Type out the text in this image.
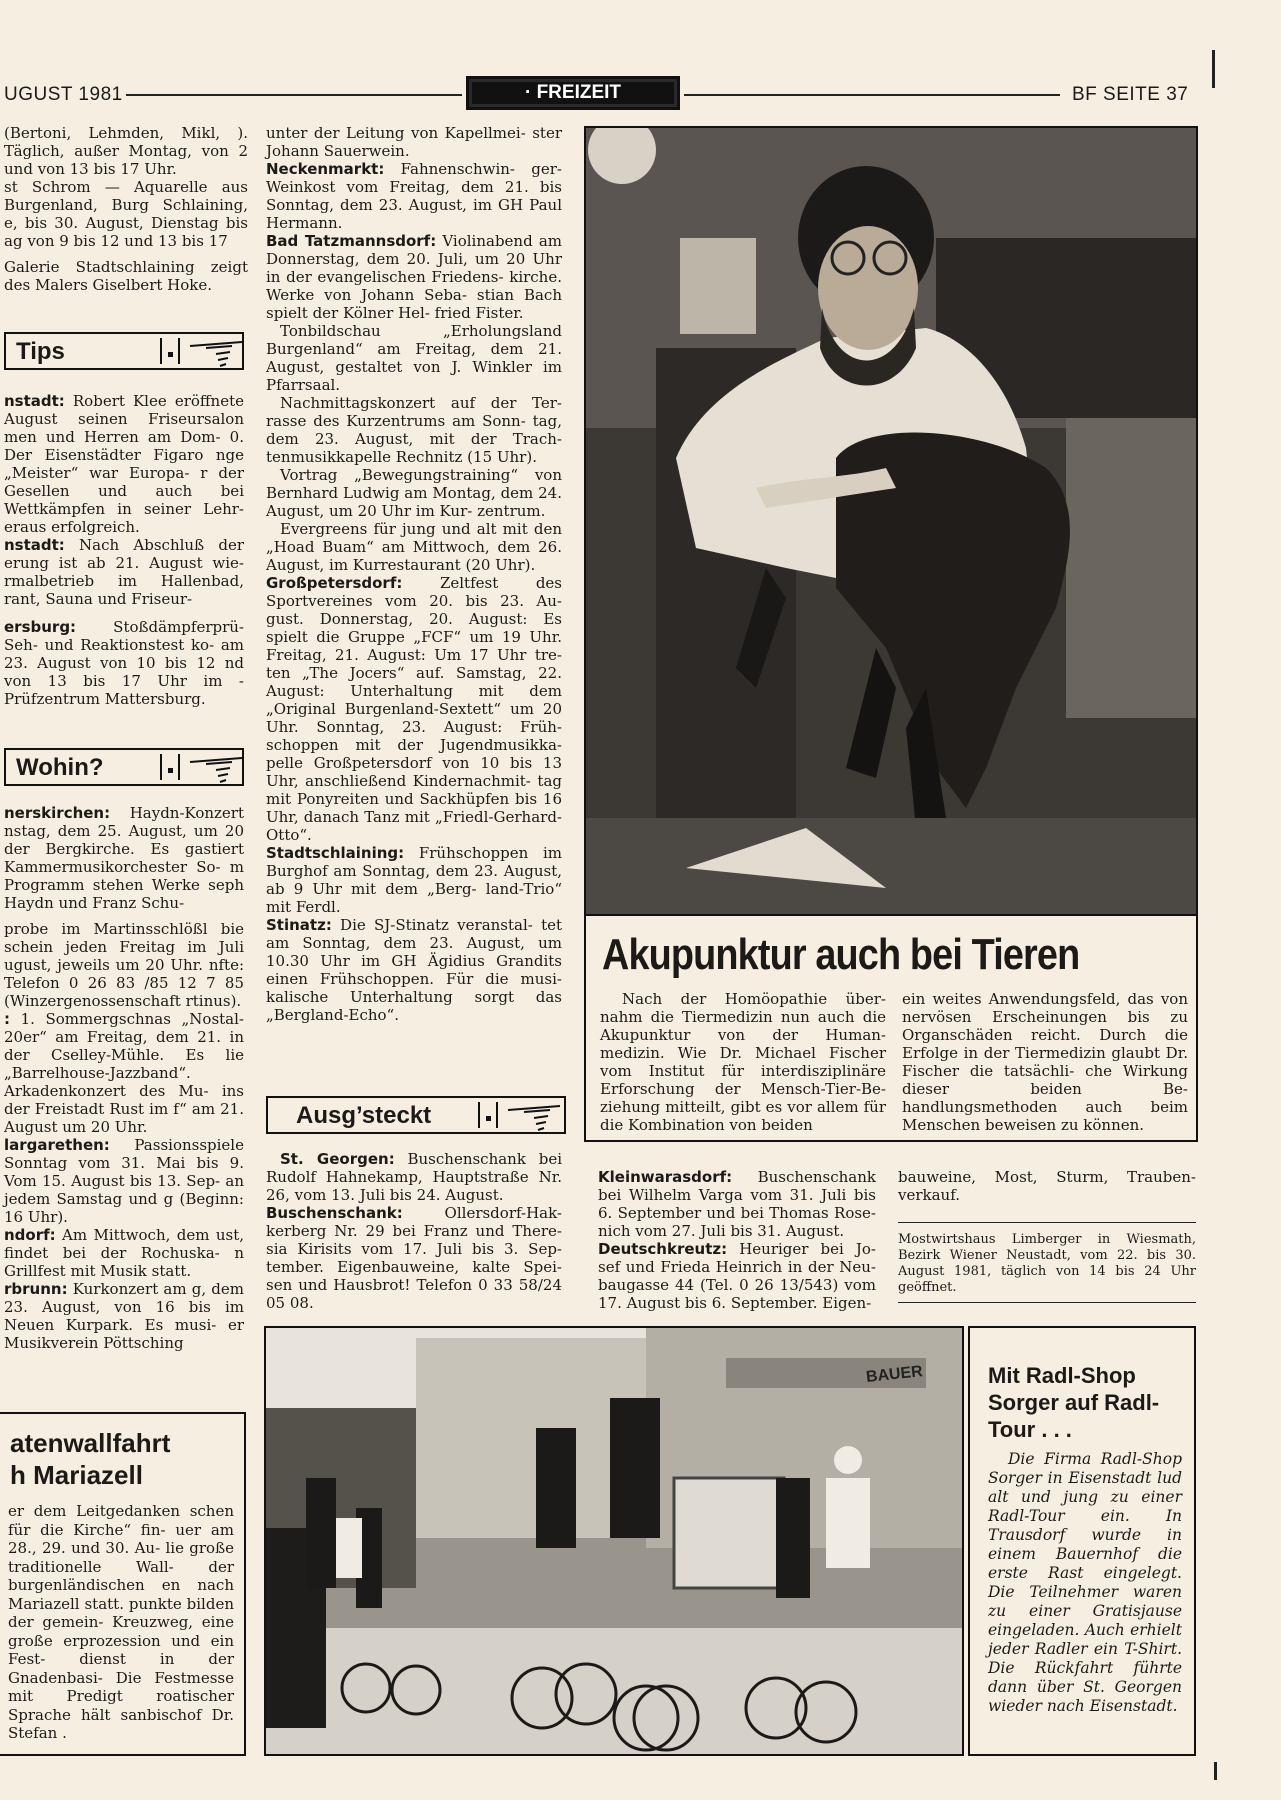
UGUST 1981	· FREIZEIT	BF SEITE 37

(Bertoni, Lehmden, Mikl, ). Täglich, außer Montag, von 2 und von 13 bis 17 Uhr.

st Schrom — Aquarelle aus Burgenland, Burg Schlaining, e, bis 30. August, Dienstag bis ag von 9 bis 12 und 13 bis 17

Galerie Stadtschlaining zeigt des Malers Giselbert Hoke.

Tips

nstadt: Robert Klee eröffnete August seinen Friseursalon men und Herren am Dom- 0. Der Eisenstädter Figaro nge „Meister“ war Europa- r der Gesellen und auch bei Wettkämpfen in seiner Lehr- eraus erfolgreich.

nstadt: Nach Abschluß der erung ist ab 21. August wie- rmalbetrieb im Hallenbad, rant, Sauna und Friseur-

ersburg: Stoßdämpferprü- Seh- und Reaktionstest ko- am 23. August von 10 bis 12 nd von 13 bis 17 Uhr im -Prüfzentrum Mattersburg.

Wohin?

nerskirchen: Haydn-Konzert nstag, dem 25. August, um 20 der Bergkirche. Es gastiert Kammermusikorchester So- m Programm stehen Werke seph Haydn und Franz Schu-

probe im Martinsschlößl bie schein jeden Freitag im Juli ugust, jeweils um 20 Uhr. nfte: Telefon 0 26 83 /85 12 7 85 (Winzergenossenschaft rtinus).

: 1. Sommergschnas „Nostal- 20er“ am Freitag, dem 21. in der Cselley-Mühle. Es lie „Barrelhouse-Jazzband“. Arkadenkonzert des Mu- ins der Freistadt Rust im f“ am 21. August um 20 Uhr.

largarethen: Passionsspiele Sonntag vom 31. Mai bis 9. Vom 15. August bis 13. Sep- an jedem Samstag und g (Beginn: 16 Uhr).

ndorf: Am Mittwoch, dem ust, findet bei der Rochuska- n Grillfest mit Musik statt.

rbrunn: Kurkonzert am g, dem 23. August, von 16 bis im Neuen Kurpark. Es musi- er Musikverein Pöttsching

atenwallfahrt
h Mariazell
er dem Leitgedanken schen für die Kirche“ fin- uer am 28., 29. und 30. Au- lie große traditionelle Wall- der burgenländischen en nach Mariazell statt. punkte bilden der gemein- Kreuzweg, eine große erprozession und ein Fest- dienst in der Gnadenbasi- Die Festmesse mit Predigt roatischer Sprache hält sanbischof Dr. Stefan .

unter der Leitung von Kapellmei- ster Johann Sauerwein.

Neckenmarkt: Fahnenschwin- ger-Weinkost vom Freitag, dem 21. bis Sonntag, dem 23. August, im GH Paul Hermann.

Bad Tatzmannsdorf: Violinabend am Donnerstag, dem 20. Juli, um 20 Uhr in der evangelischen Friedens- kirche. Werke von Johann Seba- stian Bach spielt der Kölner Hel- fried Fister.

Tonbildschau „Erholungsland Burgenland“ am Freitag, dem 21. August, gestaltet von J. Winkler im Pfarrsaal.

Nachmittagskonzert auf der Ter- rasse des Kurzentrums am Sonn- tag, dem 23. August, mit der Trach- tenmusikkapelle Rechnitz (15 Uhr).

Vortrag „Bewegungstraining“ von Bernhard Ludwig am Montag, dem 24. August, um 20 Uhr im Kur- zentrum.

Evergreens für jung und alt mit den „Hoad Buam“ am Mittwoch, dem 26. August, im Kurrestaurant (20 Uhr).

Großpetersdorf: Zeltfest des Sportvereines vom 20. bis 23. Au- gust. Donnerstag, 20. August: Es spielt die Gruppe „FCF“ um 19 Uhr. Freitag, 21. August: Um 17 Uhr tre- ten „The Jocers“ auf. Samstag, 22. August: Unterhaltung mit dem „Original Burgenland-Sextett“ um 20 Uhr. Sonntag, 23. August: Früh- schoppen mit der Jugendmusikka- pelle Großpetersdorf von 10 bis 13 Uhr, anschließend Kindernachmit- tag mit Ponyreiten und Sackhüpfen bis 16 Uhr, danach Tanz mit „Friedl-Gerhard-Otto“.

Stadtschlaining: Frühschoppen im Burghof am Sonntag, dem 23. August, ab 9 Uhr mit dem „Berg- land-Trio“ mit Ferdl.

Stinatz: Die SJ-Stinatz veranstal- tet am Sonntag, dem 23. August, um 10.30 Uhr im GH Ägidius Grandits einen Frühschoppen. Für die musi- kalische Unterhaltung sorgt das „Bergland-Echo“.

Ausg’steckt

St. Georgen: Buschenschank bei Rudolf Hahnekamp, Hauptstraße Nr. 26, vom 13. Juli bis 24. August.

Buschenschank: Ollersdorf-Hak- kerberg Nr. 29 bei Franz und There- sia Kirisits vom 17. Juli bis 3. Sep- tember. Eigenbauweine, kalte Spei- sen und Hausbrot! Telefon 0 33 58/24 05 08.

Akupunktur auch bei Tieren
Nach der Homöopathie über- nahm die Tiermedizin nun auch die Akupunktur von der Human- medizin. Wie Dr. Michael Fischer vom Institut für interdisziplinäre Erforschung der Mensch-Tier-Be- ziehung mitteilt, gibt es vor allem für die Kombination von beiden
ein weites Anwendungsfeld, das von nervösen Erscheinungen bis zu Organschäden reicht. Durch die Erfolge in der Tiermedizin glaubt Dr. Fischer die tatsächli- che Wirkung dieser beiden Be- handlungsmethoden auch beim Menschen beweisen zu können.

Kleinwarasdorf: Buschenschank bei Wilhelm Varga vom 31. Juli bis 6. September und bei Thomas Rose- nich vom 27. Juli bis 31. August.

Deutschkreutz: Heuriger bei Jo- sef und Frieda Heinrich in der Neu- baugasse 44 (Tel. 0 26 13/543) vom 17. August bis 6. September. Eigen-

bauweine, Most, Sturm, Trauben- verkauf.
Mostwirtshaus Limberger in Wiesmath, Bezirk Wiener Neustadt, vom 22. bis 30. August 1981, täglich von 14 bis 24 Uhr geöffnet.
BAUER	Mit Radl-Shop Sorger auf Radl-Tour . . .
Die Firma Radl-Shop Sorger in Eisenstadt lud alt und jung zu einer Radl-Tour ein. In Trausdorf wurde in einem Bauernhof die erste Rast eingelegt. Die Teilnehmer waren zu einer Gratisjause eingeladen. Auch erhielt jeder Radler ein T-Shirt. Die Rückfahrt führte dann über St. Georgen wieder nach Eisenstadt.
